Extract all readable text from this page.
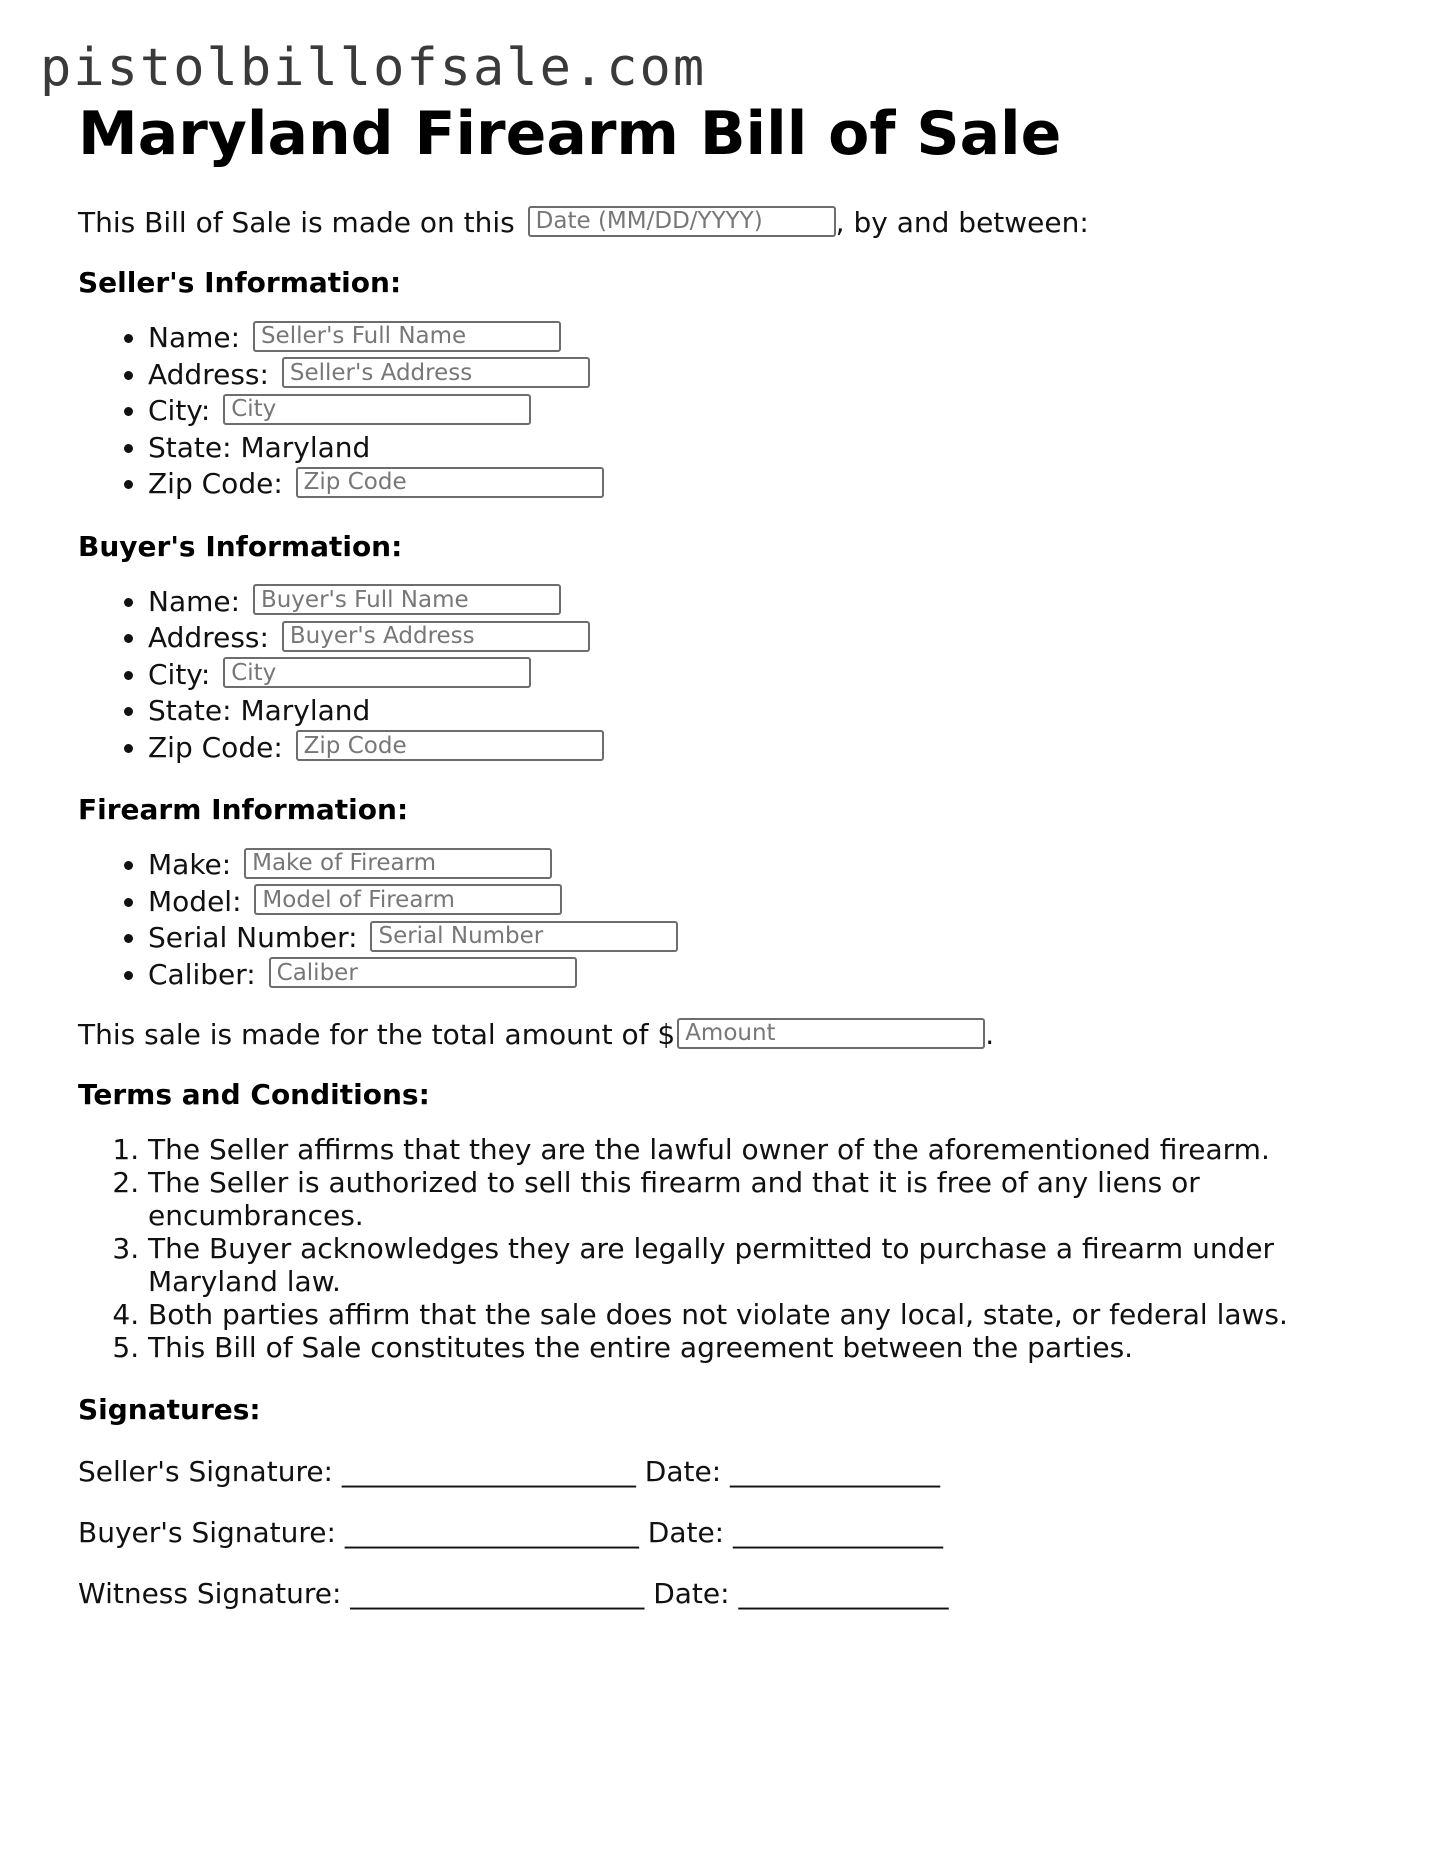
pistolbillofsale.com
Maryland Firearm Bill of Sale

This Bill of Sale is made on this Date (MM/DD/YYYY)	, by and between:

Seller's Information:
• Name: Seller's Full Name
• Address: Seller's Address
• City: City
• State: Maryland
• Zip Code: Zip Code
Buyer's Information:
• Name: Buyer's Full Name
• Address: Buyer's Address
• City: City
• State: Maryland
• Zip Code: Zip Code
Firearm Information:
• Make: Make of Firearm
• Model: Model of Firearm
• Serial Number: Serial Number
• Caliber: Caliber

This sale is made for the total amount of $Amount	.

Terms and Conditions:
1. The Seller affirms that they are the lawful owner of the aforementioned firearm.
2. The Seller is authorized to sell this firearm and that it is free of any liens or encumbrances.
3. The Buyer acknowledges they are legally permitted to purchase a firearm under Maryland law.
4. Both parties affirm that the sale does not violate any local, state, or federal laws.
5. This Bill of Sale constitutes the entire agreement between the parties.
Signatures:

Seller's Signature: _____________________ Date: _______________

Buyer's Signature: _____________________ Date: _______________

Witness Signature: _____________________ Date: _______________
